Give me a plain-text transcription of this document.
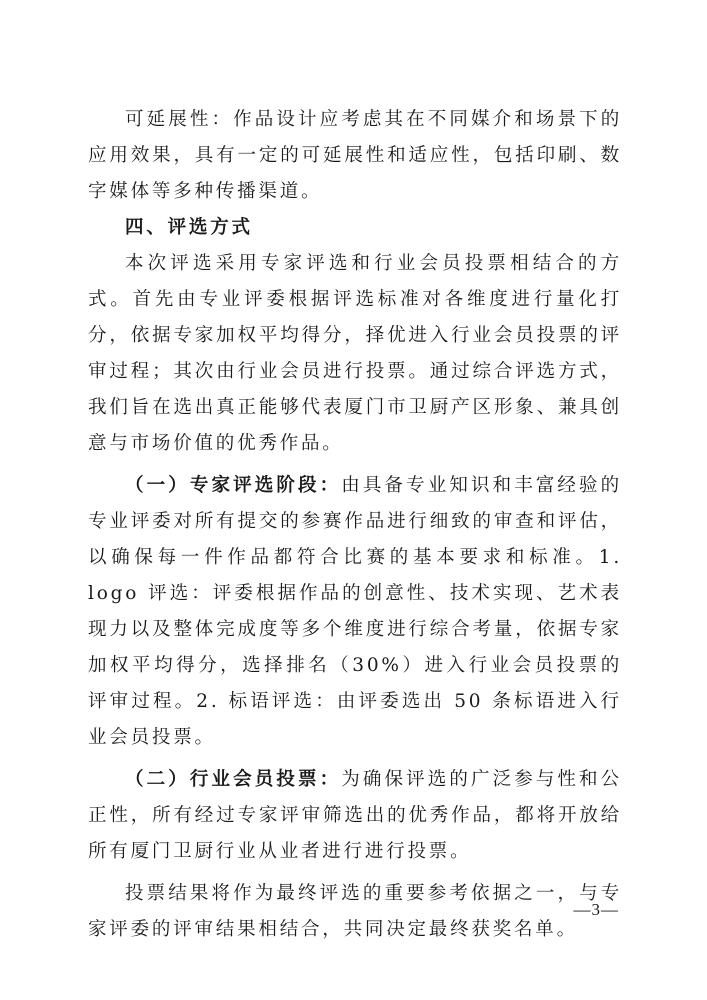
可延展性：作品设计应考虑其在不同媒介和场景下的应用效果，具有一定的可延展性和适应性，包括印刷、数字媒体等多种传播渠道。

四、评选方式

本次评选采用专家评选和行业会员投票相结合的方式。首先由专业评委根据评选标准对各维度进行量化打分，依据专家加权平均得分，择优进入行业会员投票的评审过程；其次由行业会员进行投票。通过综合评选方式，我们旨在选出真正能够代表厦门市卫厨产区形象、兼具创意与市场价值的优秀作品。

（一）专家评选阶段：由具备专业知识和丰富经验的专业评委对所有提交的参赛作品进行细致的审查和评估，以确保每一件作品都符合比赛的基本要求和标准。1. logo 评选：评委根据作品的创意性、技术实现、艺术表现力以及整体完成度等多个维度进行综合考量，依据专家加权平均得分，选择排名（30%）进入行业会员投票的评审过程。2. 标语评选：由评委选出 50 条标语进入行业会员投票。

（二）行业会员投票：为确保评选的广泛参与性和公正性，所有经过专家评审筛选出的优秀作品，都将开放给所有厦门卫厨行业从业者进行进行投票。

投票结果将作为最终评选的重要参考依据之一，与专家评委的评审结果相结合，共同决定最终获奖名单。

—3—
